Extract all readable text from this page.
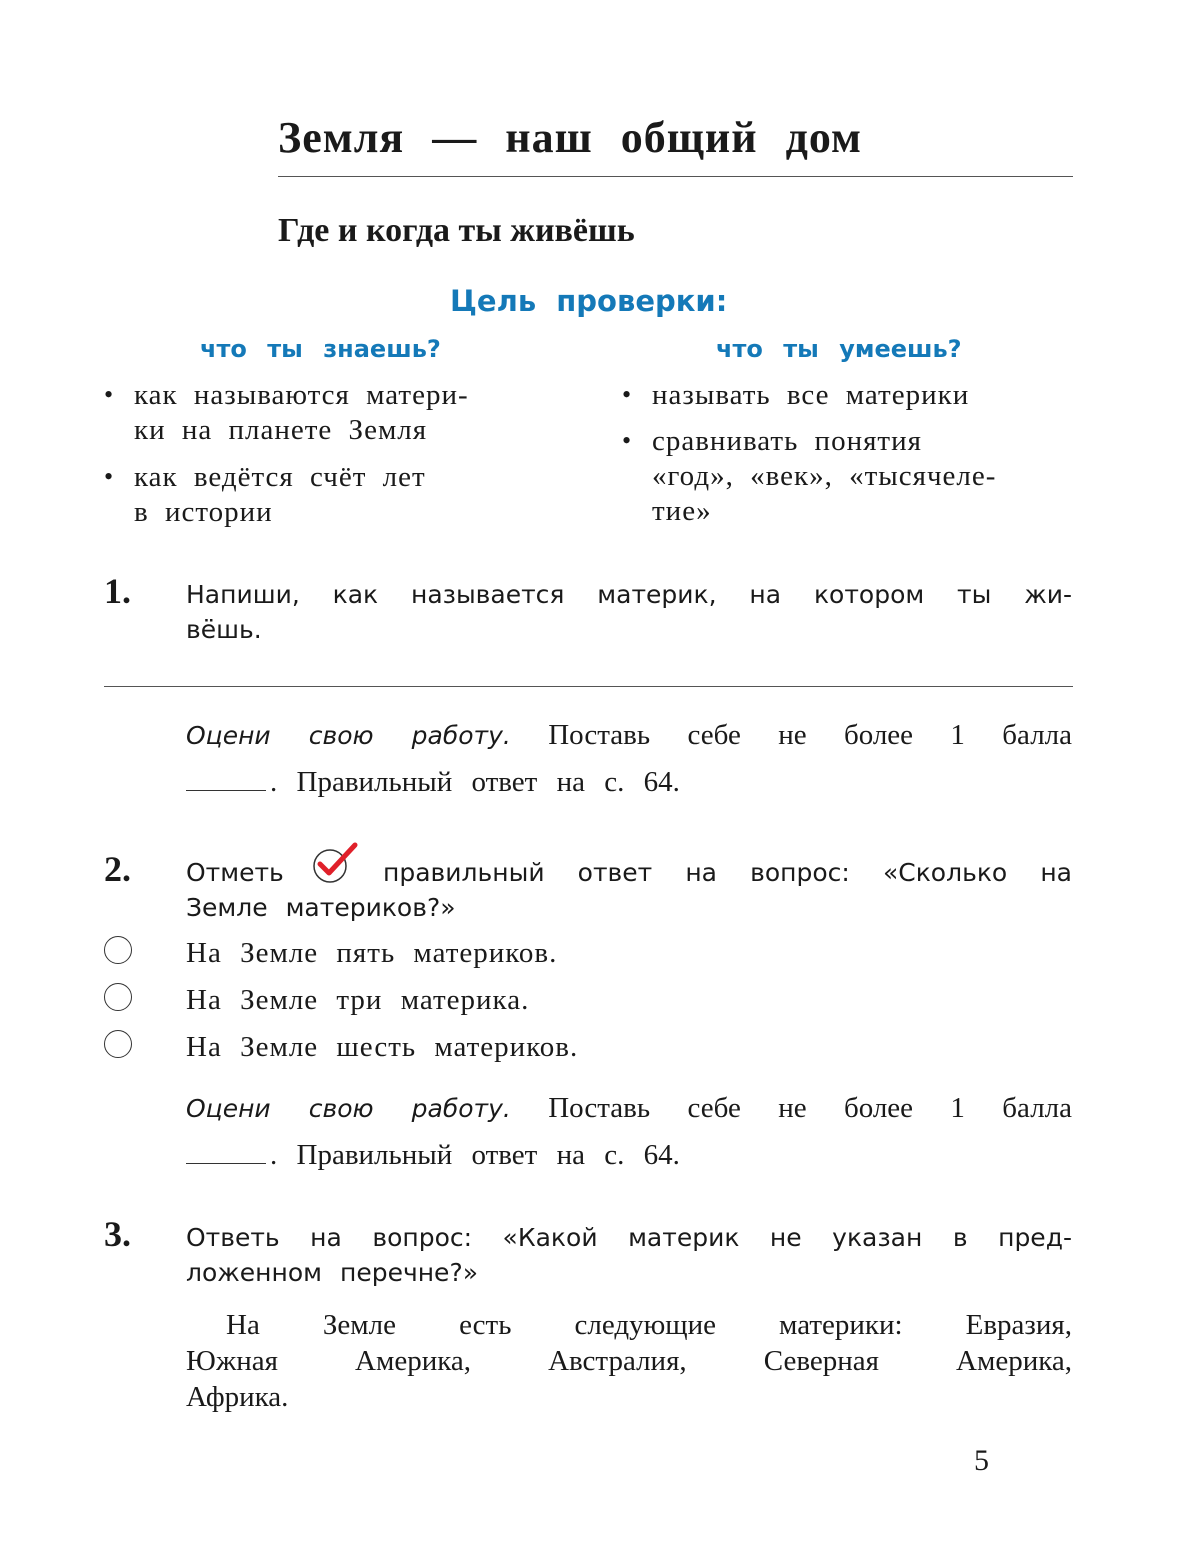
Земля — наш общий дом
Где и когда ты живёшь
Цель проверки:
что ты знаешь?	что ты умеешь?
• как называются матери-
ки на планете Земля
• как ведётся счёт лет
в истории
• называть все материки
• сравнивать понятия
«год», «век», «тысячеле-
тие»
1. Напиши, как называется материк, на котором ты жи-
вёшь.
Оцени свою работу. Поставь себе не более 1 балла
. Правильный ответ на с. 64.
2. Отметь	правильный ответ на вопрос: «Сколько на
Земле материков?»
На Земле пять материков.
На Земле три материка.
На Земле шесть материков.
Оцени свою работу. Поставь себе не более 1 балла
. Правильный ответ на с. 64.
3. Ответь на вопрос: «Какой материк не указан в пред-
ложенном перечне?»
На Земле есть следующие материки: Евразия,
Южная Америка, Австралия, Северная Америка,
Африка.
5
